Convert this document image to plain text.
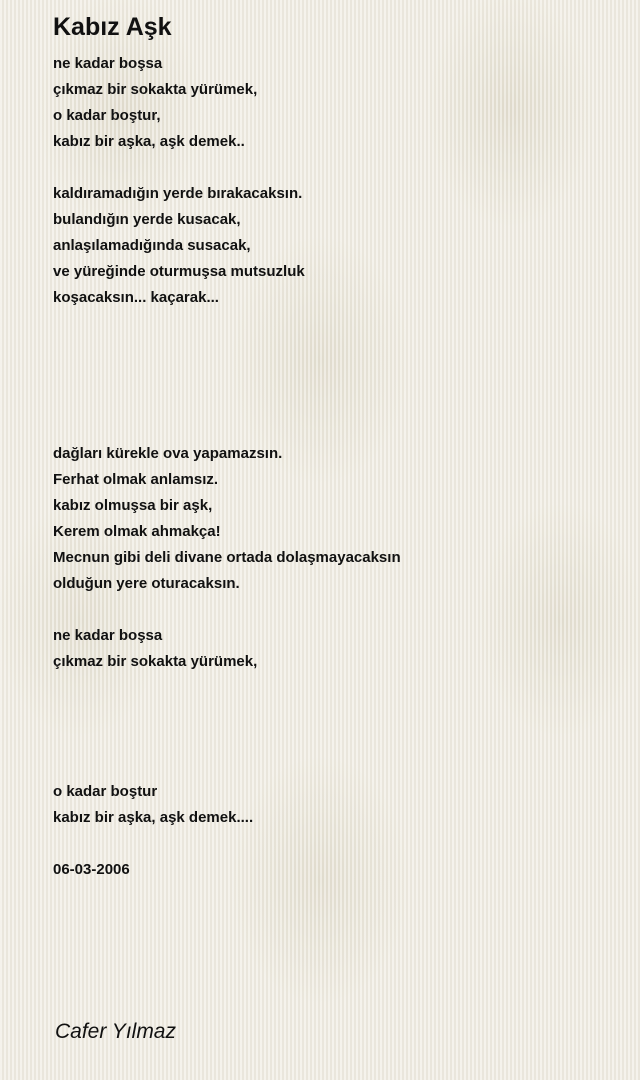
Kabız Aşk
ne kadar boşsa
çıkmaz bir sokakta yürümek,
o kadar boştur,
kabız bir aşka, aşk demek..
kaldıramadığın yerde bırakacaksın.
bulandığın yerde kusacak,
anlaşılamadığında susacak,
ve yüreğinde oturmuşsa mutsuzluk
koşacaksın... kaçarak...
dağları kürekle ova yapamazsın.
Ferhat olmak anlamsız.
kabız olmuşsa bir aşk,
Kerem olmak ahmakça!
Mecnun gibi deli divane ortada dolaşmayacaksın
olduğun yere oturacaksın.
ne kadar boşsa
çıkmaz bir sokakta yürümek,
o kadar boştur
kabız bir aşka, aşk demek....
06-03-2006
Cafer Yılmaz
